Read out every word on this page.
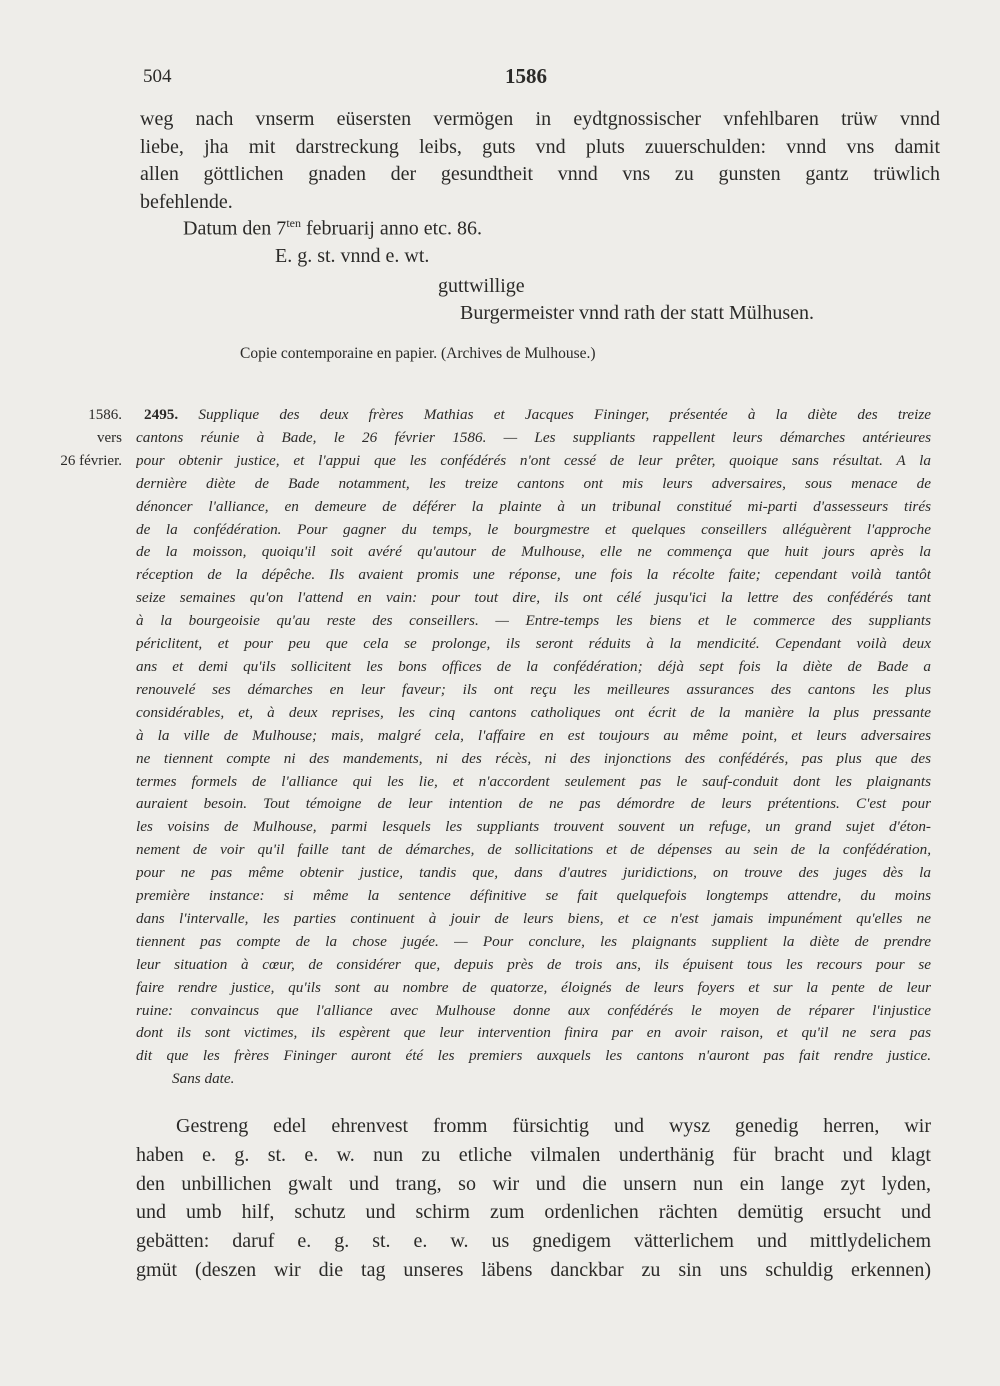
504	1586
weg nach vnserm eüsersten vermögen in eydtgnossischer vnfehlbaren trüw vnnd
liebe, jha mit darstreckung leibs, guts vnd pluts zuuerschulden: vnnd vns damit
allen göttlichen gnaden der gesundtheit vnnd vns zu gunsten gantz trüwlich
befehlende.
Datum den $7^{ten}$ februarij anno etc. 86.
E. g. st. vnnd e. wt.
guttwillige
Burgermeister vnnd rath der statt Mülhusen.
Copie contemporaine en papier. (Archives de Mulhouse.)
1586.
vers
26 février.
2495. Supplique des deux frères Mathias et Jacques Fininger, présentée à la diète des treize
cantons réunie à Bade, le 26 février 1586. — Les suppliants rappellent leurs démarches antérieures
pour obtenir justice, et l'appui que les confédérés n'ont cessé de leur prêter, quoique sans résultat. A la
dernière diète de Bade notamment, les treize cantons ont mis leurs adversaires, sous menace de
dénoncer l'alliance, en demeure de déférer la plainte à un tribunal constitué mi-parti d'assesseurs tirés
de la confédération. Pour gagner du temps, le bourgmestre et quelques conseillers alléguèrent l'approche
de la moisson, quoiqu'il soit avéré qu'autour de Mulhouse, elle ne commença que huit jours après la
réception de la dépêche. Ils avaient promis une réponse, une fois la récolte faite; cependant voilà tantôt
seize semaines qu'on l'attend en vain: pour tout dire, ils ont célé jusqu'ici la lettre des confédérés tant
à la bourgeoisie qu'au reste des conseillers. — Entre-temps les biens et le commerce des suppliants
périclitent, et pour peu que cela se prolonge, ils seront réduits à la mendicité. Cependant voilà deux
ans et demi qu'ils sollicitent les bons offices de la confédération; déjà sept fois la diète de Bade a
renouvelé ses démarches en leur faveur; ils ont reçu les meilleures assurances des cantons les plus
considérables, et, à deux reprises, les cinq cantons catholiques ont écrit de la manière la plus pressante
à la ville de Mulhouse; mais, malgré cela, l'affaire en est toujours au même point, et leurs adversaires
ne tiennent compte ni des mandements, ni des récès, ni des injonctions des confédérés, pas plus que des
termes formels de l'alliance qui les lie, et n'accordent seulement pas le sauf-conduit dont les plaignants
auraient besoin. Tout témoigne de leur intention de ne pas démordre de leurs prétentions. C'est pour
les voisins de Mulhouse, parmi lesquels les suppliants trouvent souvent un refuge, un grand sujet d'éton-
nement de voir qu'il faille tant de démarches, de sollicitations et de dépenses au sein de la confédération,
pour ne pas même obtenir justice, tandis que, dans d'autres juridictions, on trouve des juges dès la
première instance: si même la sentence définitive se fait quelquefois longtemps attendre, du moins
dans l'intervalle, les parties continuent à jouir de leurs biens, et ce n'est jamais impunément qu'elles ne
tiennent pas compte de la chose jugée. — Pour conclure, les plaignants supplient la diète de prendre
leur situation à cœur, de considérer que, depuis près de trois ans, ils épuisent tous les recours pour se
faire rendre justice, qu'ils sont au nombre de quatorze, éloignés de leurs foyers et sur la pente de leur
ruine: convaincus que l'alliance avec Mulhouse donne aux confédérés le moyen de réparer l'injustice
dont ils sont victimes, ils espèrent que leur intervention finira par en avoir raison, et qu'il ne sera pas
dit que les frères Fininger auront été les premiers auxquels les cantons n'auront pas fait rendre justice.
Sans date.
Gestreng edel ehrenvest fromm fürsichtig und wysz genedig herren, wir
haben e. g. st. e. w. nun zu etliche vilmalen underthänig für bracht und klagt
den unbillichen gwalt und trang, so wir und die unsern nun ein lange zyt lyden,
und umb hilf, schutz und schirm zum ordenlichen rächten demütig ersucht und
gebätten: daruf e. g. st. e. w. us gnedigem vätterlichem und mittlydelichem
gmüt (deszen wir die tag unseres läbens danckbar zu sin uns schuldig erkennen)
